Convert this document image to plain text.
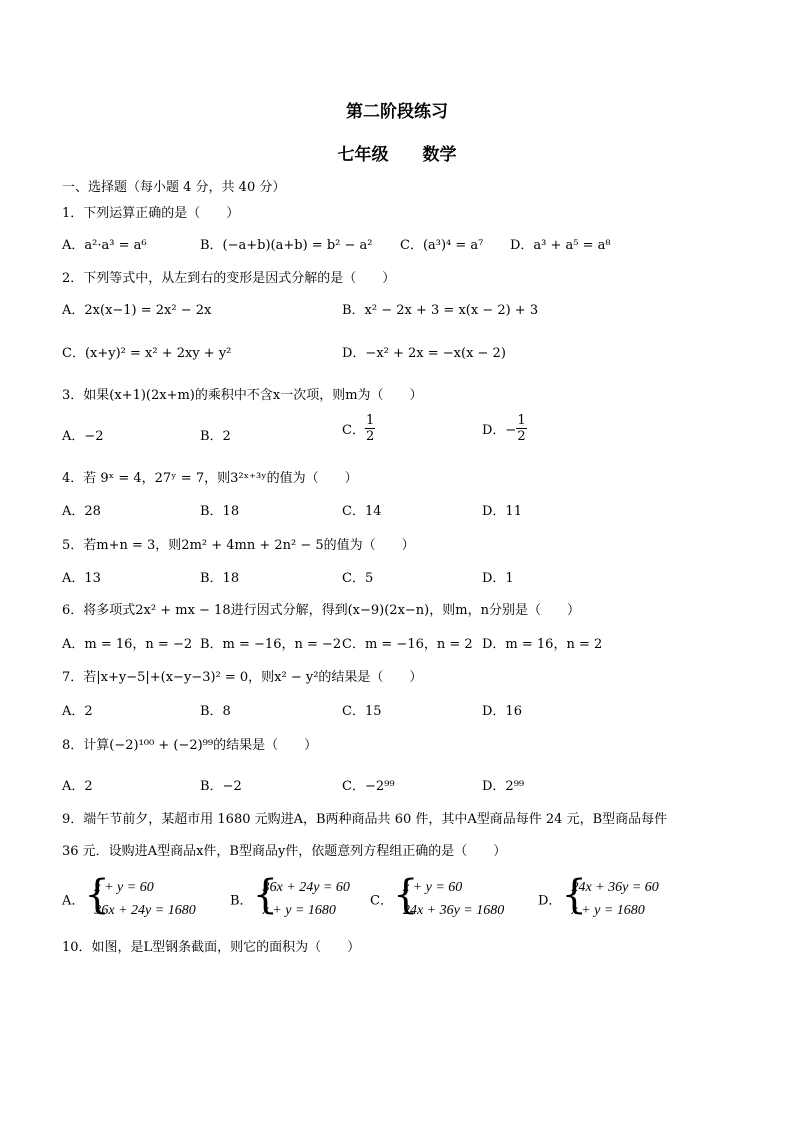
第二阶段练习
七年级　　数学
一、选择题（每小题 4 分，共 40 分）
1．下列运算正确的是（　　）
A．a²·a³ = a⁶	B．(−a+b)(a+b) = b² − a² C．(a³)⁴ = a⁷ D．a³ + a⁵ = a⁸
2．下列等式中，从左到右的变形是因式分解的是（　　）
A．2x(x−1) = 2x² − 2x	B．x² − 2x + 3 = x(x − 2) + 3
C．(x+y)² = x² + 2xy + y²	D．−x² + 2x = −x(x − 2)
3．如果(x+1)(2x+m)的乘积中不含x一次项，则m为（　　）
A．−2	B．2	C． $\frac{1}{2}$	D．− $\frac{1}{2}$
4．若 9ˣ = 4，27ʸ = 7，则3²ˣ⁺³ʸ的值为（　　）
A．28	B．18	C．14	D．11
5．若m+n = 3，则2m² + 4mn + 2n² − 5的值为（　　）
A．13	B．18	C．5	D．1
6．将多项式2x² + mx − 18进行因式分解，得到(x−9)(2x−n)，则m，n分别是（　　）
A．m = 16，n = −2 B．m = −16，n = −2 C．m = −16，n = 2 D．m = 16，n = 2
7．若|x+y−5|+(x−y−3)² = 0，则x² − y²的结果是（　　）
A．2	B．8	C．15	D．16
8．计算(−2)¹⁰⁰ + (−2)⁹⁹的结果是（　　）
A．2	B．−2	C．−2⁹⁹	D．2⁹⁹
9．端午节前夕，某超市用 1680 元购进A，B两种商品共 60 件，其中A型商品每件 24 元，B型商品每件
36 元．设购进A型商品x件，B型商品y件，依题意列方程组正确的是（　　）
A． {
x + y = 60
36x + 24y = 1680
B． {
36x + 24y = 60
x + y = 1680
C． {
x + y = 60
24x + 36y = 1680
D． {
24x + 36y = 60
x + y = 1680
10．如图，是L型钢条截面，则它的面积为（　　）
